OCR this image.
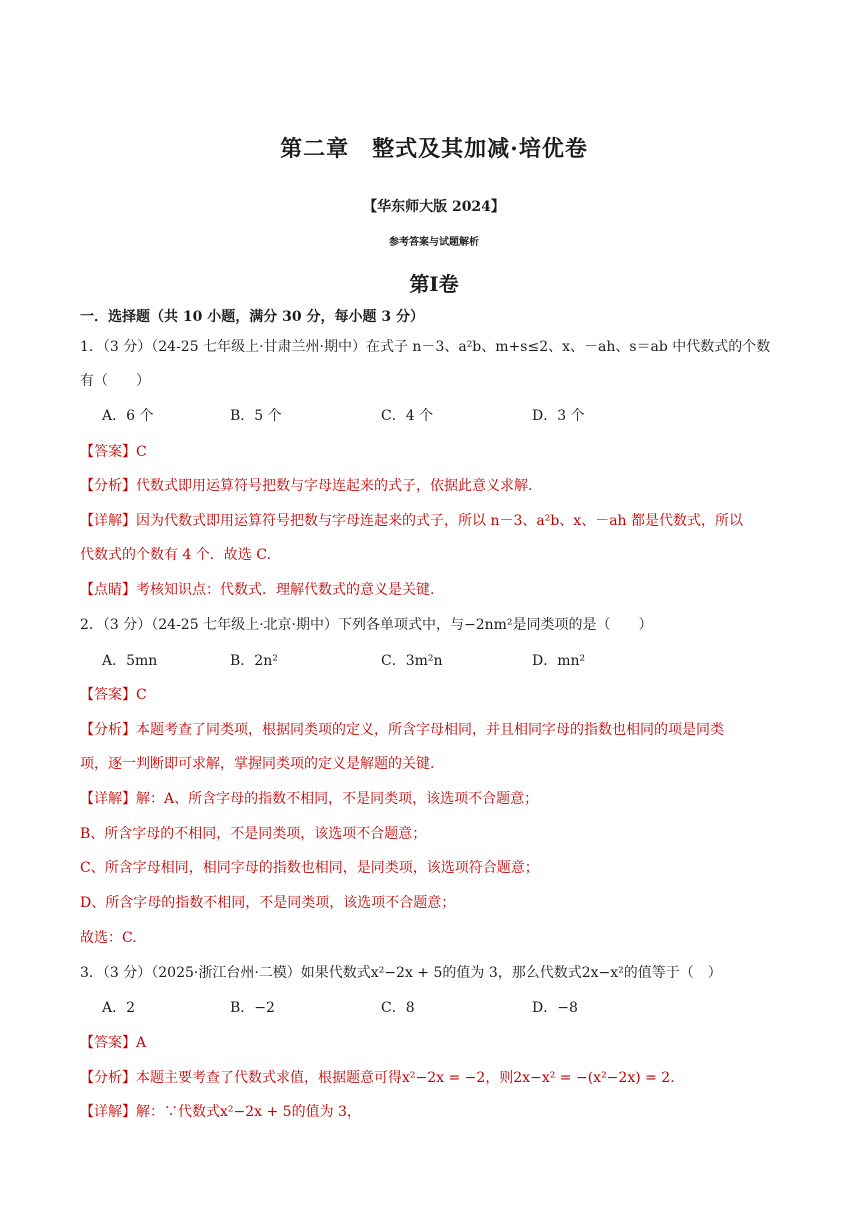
第二章　整式及其加减·培优卷
【华东师大版 2024】
参考答案与试题解析
第Ⅰ卷
一．选择题（共 10 小题，满分 30 分，每小题 3 分）
1．（3 分）（24-25 七年级上·甘肃兰州·期中）在式子 n－3、a²b、m+s≤2、x、－ah、s＝ab 中代数式的个数
有（　　）
A．6 个	B．5 个	C．4 个	D．3 个
【答案】C
【分析】代数式即用运算符号把数与字母连起来的式子，依据此意义求解.
【详解】因为代数式即用运算符号把数与字母连起来的式子，所以 n－3、a²b、x、－ah 都是代数式，所以
代数式的个数有 4 个．故选 C.
【点睛】考核知识点：代数式．理解代数式的意义是关键.
2．（3 分）（24-25 七年级上·北京·期中）下列各单项式中，与−2nm²是同类项的是（　　）
A．5mn	B．2n²	C．3m²n	D．mn²
【答案】C
【分析】本题考查了同类项，根据同类项的定义，所含字母相同，并且相同字母的指数也相同的项是同类
项，逐一判断即可求解，掌握同类项的定义是解题的关键.
【详解】解：A、所含字母的指数不相同，不是同类项，该选项不合题意；
B、所含字母的不相同，不是同类项，该选项不合题意；
C、所含字母相同，相同字母的指数也相同，是同类项，该选项符合题意；
D、所含字母的指数不相同，不是同类项，该选项不合题意；
故选：C.
3．（3 分）（2025·浙江台州·二模）如果代数式x²−2x + 5的值为 3，那么代数式2x−x²的值等于（　）
A．2	B．−2	C．8	D．−8
【答案】A
【分析】本题主要考查了代数式求值，根据题意可得x²−2x = −2，则2x−x² = −(x²−2x) = 2.
【详解】解：∵代数式x²−2x + 5的值为 3，
